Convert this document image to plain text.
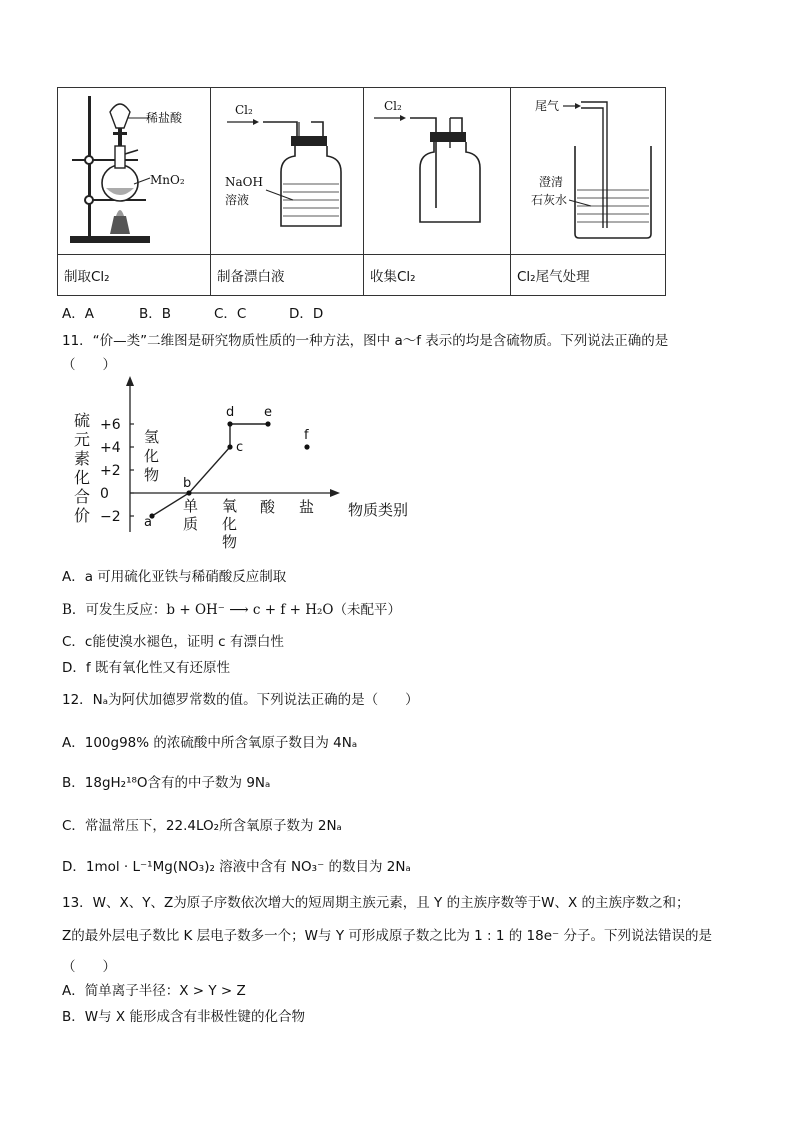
稀盐酸
MnO₂	Cl₂
NaOH
溶液	Cl₂	尾气
澄清
石灰水

制取Cl₂	制备漂白液	收集Cl₂	Cl₂尾气处理
A．A	B．B	C．C	D．D
11．“价—类”二维图是研究物质性质的一种方法，图中 a～f 表示的均是含硫物质。下列说法正确的是
（　　）
硫
元
素
化
合
价	物质类别
+6
+4
+2
0
−2
氢
化
物
单
质
氧
化
物
酸 盐
a
b
c
d e
f
A．a 可用硫化亚铁与稀硝酸反应制取
B．可发生反应：b + OH⁻ ⟶ c + f + H₂O（未配平）
C．c能使溴水褪色，证明 c 有漂白性
D．f 既有氧化性又有还原性
12．Nₐ为阿伏加德罗常数的值。下列说法正确的是（　　）
A．100g98% 的浓硫酸中所含氧原子数目为 4Nₐ
B．18gH₂¹⁸O含有的中子数为 9Nₐ
C．常温常压下，22.4LO₂所含氧原子数为 2Nₐ
D．1mol · L⁻¹Mg(NO₃)₂ 溶液中含有 NO₃⁻ 的数目为 2Nₐ
13．W、X、Y、Z为原子序数依次增大的短周期主族元素，且 Y 的主族序数等于W、X 的主族序数之和；
Z的最外层电子数比 K 层电子数多一个；W与 Y 可形成原子数之比为 1 : 1 的 18e⁻ 分子。下列说法错误的是
（　　）
A．简单离子半径：X > Y > Z
B．W与 X 能形成含有非极性键的化合物
